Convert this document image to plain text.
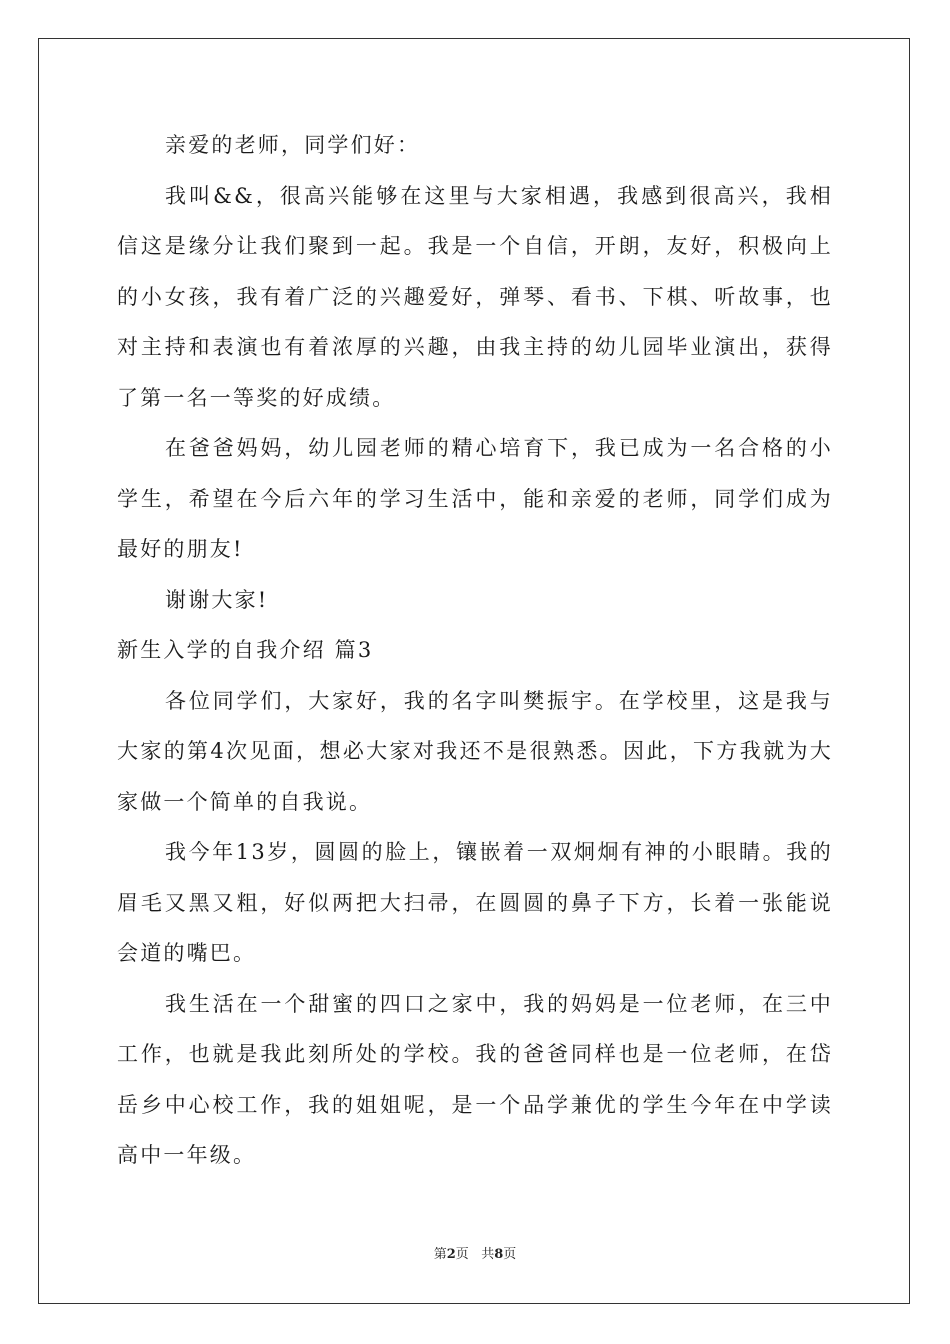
亲爱的老师，同学们好：

我叫&&，很高兴能够在这里与大家相遇，我感到很高兴，我相信这是缘分让我们聚到一起。我是一个自信，开朗，友好，积极向上的小女孩，我有着广泛的兴趣爱好，弹琴、看书、下棋、听故事，也对主持和表演也有着浓厚的兴趣，由我主持的幼儿园毕业演出，获得了第一名一等奖的好成绩。

在爸爸妈妈，幼儿园老师的精心培育下，我已成为一名合格的小学生，希望在今后六年的学习生活中，能和亲爱的老师，同学们成为最好的朋友!

谢谢大家!

新生入学的自我介绍 篇3

各位同学们，大家好，我的名字叫樊振宇。在学校里，这是我与大家的第4次见面，想必大家对我还不是很熟悉。因此，下方我就为大家做一个简单的自我说。

我今年13岁，圆圆的脸上，镶嵌着一双炯炯有神的小眼睛。我的眉毛又黑又粗，好似两把大扫帚，在圆圆的鼻子下方，长着一张能说会道的嘴巴。

我生活在一个甜蜜的四口之家中，我的妈妈是一位老师，在三中工作，也就是我此刻所处的学校。我的爸爸同样也是一位老师，在岱岳乡中心校工作，我的姐姐呢，是一个品学兼优的学生今年在中学读高中一年级。

第2页 共8页
